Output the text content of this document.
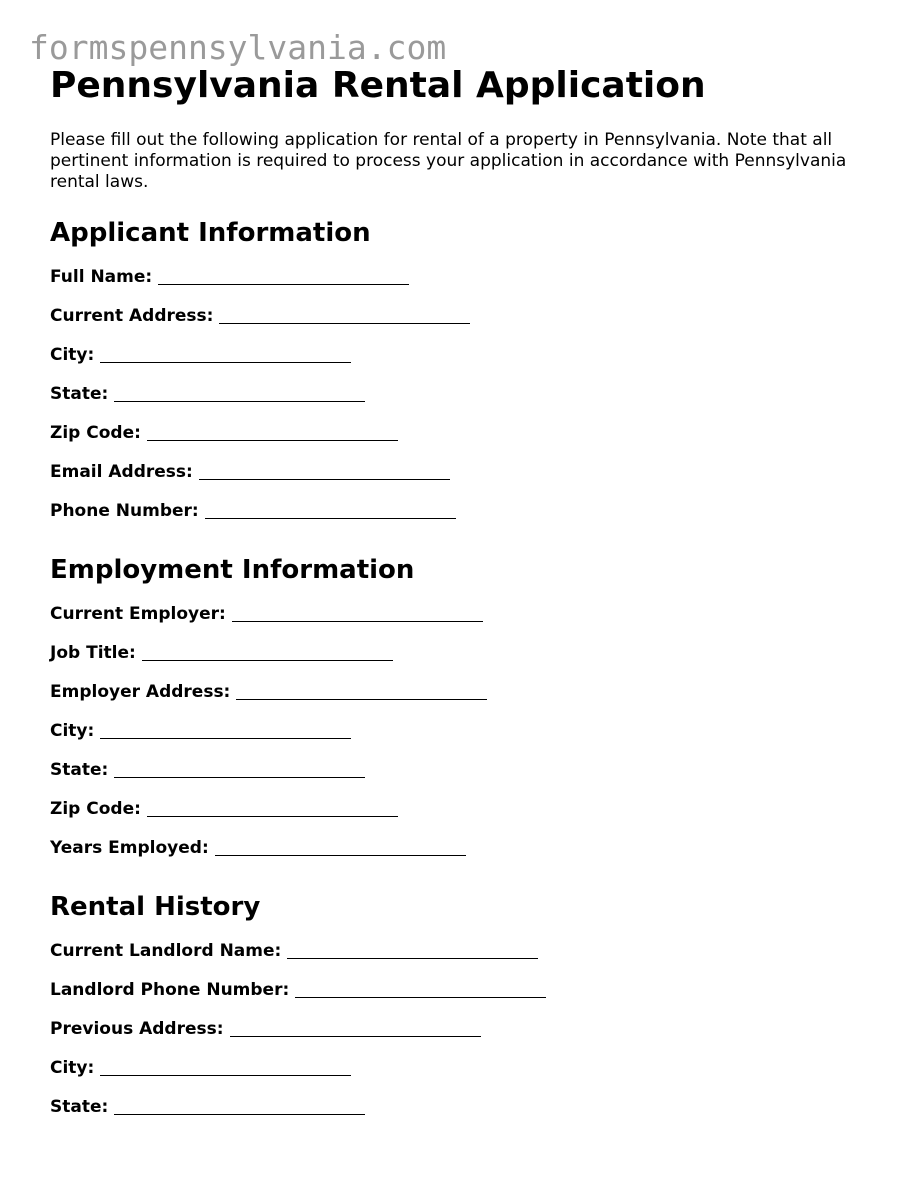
formspennsylvania.com
Pennsylvania Rental Application

Please fill out the following application for rental of a property in Pennsylvania. Note that all pertinent information is required to process your application in accordance with Pennsylvania rental laws.

Applicant Information
Full Name:
Current Address:
City:
State:
Zip Code:
Email Address:
Phone Number:
Employment Information
Current Employer:
Job Title:
Employer Address:
City:
State:
Zip Code:
Years Employed:
Rental History
Current Landlord Name:
Landlord Phone Number:
Previous Address:
City:
State:
